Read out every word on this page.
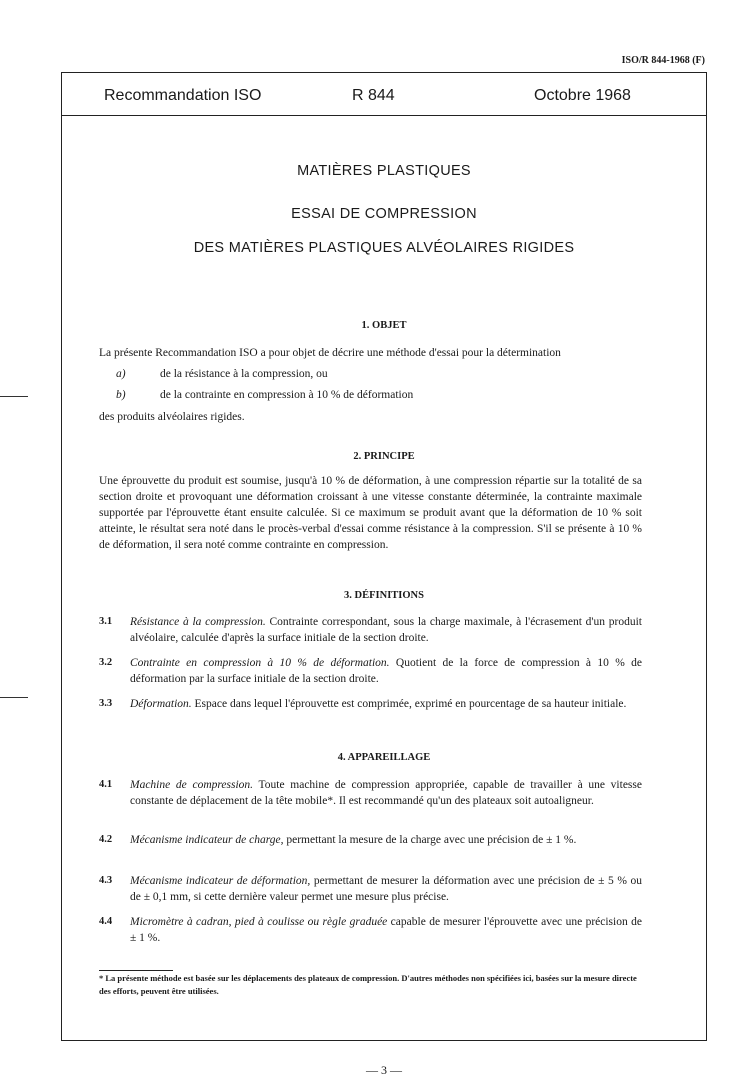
ISO/R 844-1968 (F)
Recommandation ISO	R 844	Octobre 1968
MATIÈRES PLASTIQUES
ESSAI DE COMPRESSION
DES MATIÈRES PLASTIQUES ALVÉOLAIRES RIGIDES
1. OBJET
La présente Recommandation ISO a pour objet de décrire une méthode d'essai pour la détermination
a)	de la résistance à la compression, ou
b)	de la contrainte en compression à 10 % de déformation
des produits alvéolaires rigides.
2. PRINCIPE
Une éprouvette du produit est soumise, jusqu'à 10 % de déformation, à une compression répartie sur la totalité de sa section droite et provoquant une déformation croissant à une vitesse constante déterminée, la contrainte maximale supportée par l'éprouvette étant ensuite calculée. Si ce maximum se produit avant que la déformation de 10 % soit atteinte, le résultat sera noté dans le procès-verbal d'essai comme résistance à la compression. S'il se présente à 10 % de déformation, il sera noté comme contrainte en compression.
3. DÉFINITIONS
3.1 Résistance à la compression. Contrainte correspondant, sous la charge maximale, à l'écrasement d'un produit alvéolaire, calculée d'après la surface initiale de la section droite.
3.2 Contrainte en compression à 10 % de déformation. Quotient de la force de compression à 10 % de déformation par la surface initiale de la section droite.
3.3 Déformation. Espace dans lequel l'éprouvette est comprimée, exprimé en pourcentage de sa hauteur initiale.
4. APPAREILLAGE
4.1 Machine de compression. Toute machine de compression appropriée, capable de travailler à une vitesse constante de déplacement de la tête mobile*. Il est recommandé qu'un des plateaux soit autoaligneur.
4.2 Mécanisme indicateur de charge, permettant la mesure de la charge avec une précision de ± 1 %.
4.3 Mécanisme indicateur de déformation, permettant de mesurer la déformation avec une précision de ± 5 % ou de ± 0,1 mm, si cette dernière valeur permet une mesure plus précise.
4.4 Micromètre à cadran, pied à coulisse ou règle graduée capable de mesurer l'éprouvette avec une précision de ± 1 %.
* La présente méthode est basée sur les déplacements des plateaux de compression. D'autres méthodes non spécifiées ici, basées sur la mesure directe des efforts, peuvent être utilisées.
— 3 —
